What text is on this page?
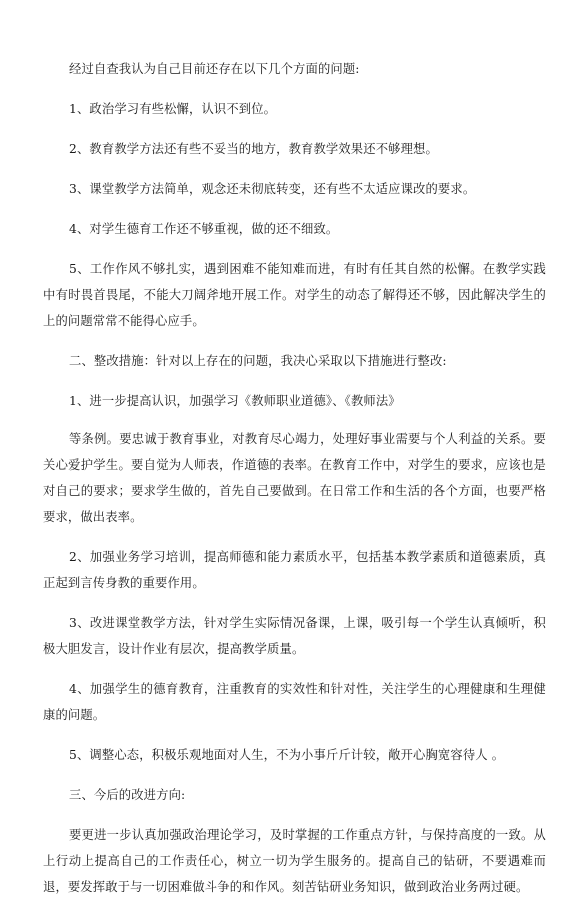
经过自查我认为自己目前还存在以下几个方面的问题:

1、政治学习有些松懈，认识不到位。

2、教育教学方法还有些不妥当的地方，教育教学效果还不够理想。

3、课堂教学方法简单，观念还未彻底转变，还有些不太适应课改的要求。

4、对学生德育工作还不够重视，做的还不细致。

5、工作作风不够扎实，遇到困难不能知难而进，有时有任其自然的松懈。在教学实践中有时畏首畏尾，不能大刀阔斧地开展工作。对学生的动态了解得还不够，因此解决学生的上的问题常常不能得心应手。

二、整改措施：针对以上存在的问题，我决心采取以下措施进行整改:

1、进一步提高认识，加强学习《教师职业道德》、《教师法》

等条例。要忠诚于教育事业，对教育尽心竭力，处理好事业需要与个人利益的关系。要关心爱护学生。要自觉为人师表，作道德的表率。在教育工作中，对学生的要求，应该也是对自己的要求；要求学生做的，首先自己要做到。在日常工作和生活的各个方面，也要严格要求，做出表率。

2、加强业务学习培训，提高师德和能力素质水平，包括基本教学素质和道德素质，真正起到言传身教的重要作用。

3、改进课堂教学方法，针对学生实际情况备课，上课，吸引每一个学生认真倾听，积极大胆发言，设计作业有层次，提高教学质量。

4、加强学生的德育教育，注重教育的实效性和针对性，关注学生的心理健康和生理健康的问题。

5、调整心态，积极乐观地面对人生，不为小事斤斤计较，敞开心胸宽容待人 。

三、今后的改进方向:

要更进一步认真加强政治理论学习，及时掌握的工作重点方针，与保持高度的一致。从上行动上提高自己的工作责任心，树立一切为学生服务的。提高自己的钻研，不要遇难而退，要发挥敢于与一切困难做斗争的和作风。刻苦钻研业务知识，做到政治业务两过硬。
